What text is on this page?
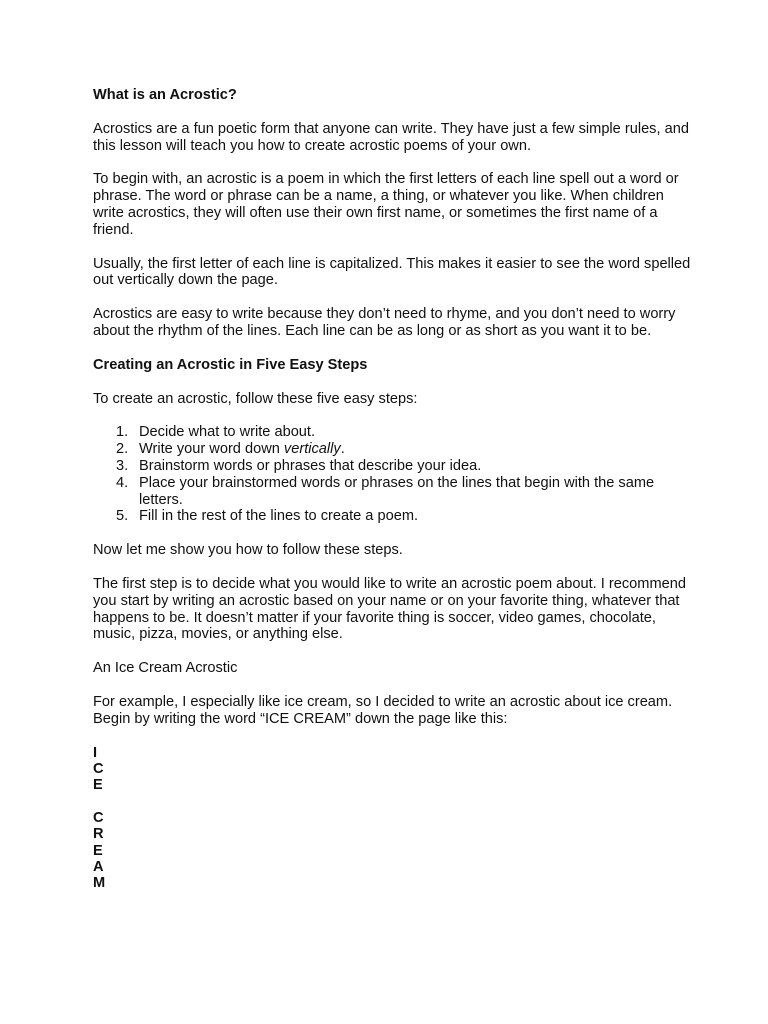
What is an Acrostic?

Acrostics are a fun poetic form that anyone can write. They have just a few simple rules, and this lesson will teach you how to create acrostic poems of your own.

To begin with, an acrostic is a poem in which the first letters of each line spell out a word or phrase. The word or phrase can be a name, a thing, or whatever you like. When children write acrostics, they will often use their own first name, or sometimes the first name of a friend.

Usually, the first letter of each line is capitalized. This makes it easier to see the word spelled out vertically down the page.

Acrostics are easy to write because they don’t need to rhyme, and you don’t need to worry about the rhythm of the lines. Each line can be as long or as short as you want it to be.

Creating an Acrostic in Five Easy Steps

To create an acrostic, follow these five easy steps:

1. Decide what to write about.
2. Write your word down vertically.
3. Brainstorm words or phrases that describe your idea.
4. Place your brainstormed words or phrases on the lines that begin with the same letters.
5. Fill in the rest of the lines to create a poem.

Now let me show you how to follow these steps.

The first step is to decide what you would like to write an acrostic poem about. I recommend you start by writing an acrostic based on your name or on your favorite thing, whatever that happens to be. It doesn’t matter if your favorite thing is soccer, video games, chocolate, music, pizza, movies, or anything else.

An Ice Cream Acrostic

For example, I especially like ice cream, so I decided to write an acrostic about ice cream. Begin by writing the word “ICE CREAM” down the page like this:

I
C
E
C
R
E
A
M
